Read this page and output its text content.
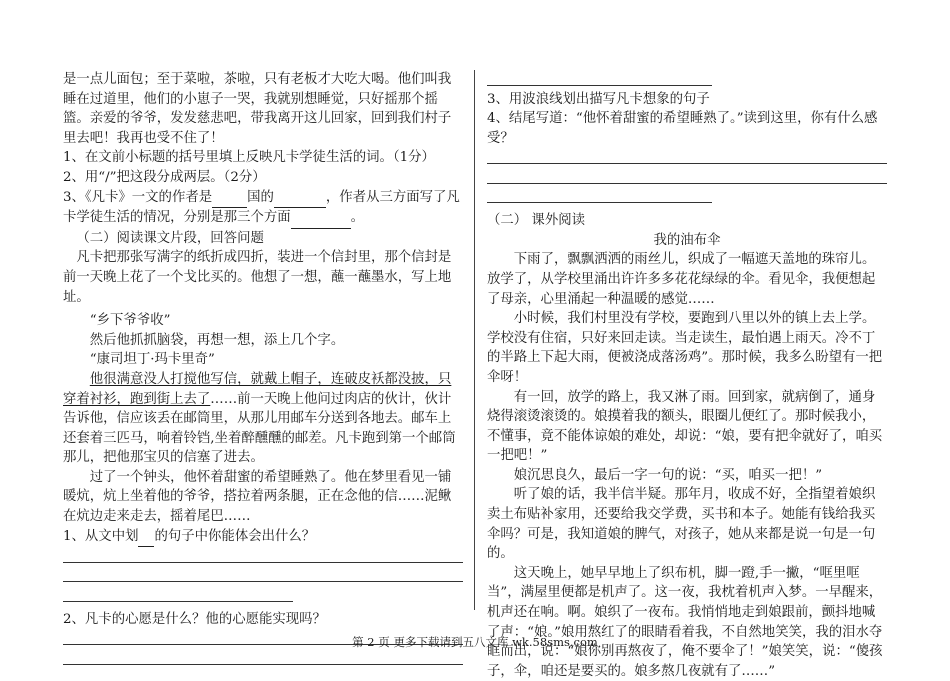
是一点儿面包；至于菜啦，茶啦，只有老板才大吃大喝。他们叫我睡在过道里，他们的小崽子一哭，我就别想睡觉，只好摇那个摇篮。亲爱的爷爷，发发慈悲吧，带我离开这儿回家，回到我们村子里去吧！我再也受不住了！

1、在文前小标题的括号里填上反映凡卡学徒生活的词。（1分）

2、用“/”把这段分成两层。（2分）

3、《凡卡》一文的作者是	国的	，作者从三方面写了凡卡学徒生活的情况，分别是那三个方面	。

（二）阅读课文片段，回答问题

凡卡把那张写满字的纸折成四折，装进一个信封里，那个信封是前一天晚上花了一个戈比买的。他想了一想，蘸一蘸墨水，写上地址。

“乡下爷爷收”

然后他抓抓脑袋，再想一想，添上几个字。

“康司坦丁·玛卡里奇”

他很满意没人打搅他写信，就戴上帽子，连破皮袄都没披，只穿着衬衫，跑到街上去了……前一天晚上他问过肉店的伙计，伙计告诉他，信应该丢在邮筒里，从那儿用邮车分送到各地去。邮车上还套着三匹马，响着铃铛,坐着醉醺醺的邮差。凡卡跑到第一个邮筒那儿，把他那宝贝的信塞了进去。

过了一个钟头，他怀着甜蜜的希望睡熟了。他在梦里看见一铺暖炕，炕上坐着他的爷爷，搭拉着两条腿，正在念他的信……泥鳅在炕边走来走去，摇着尾巴……

1、从文中划 的句子中你能体会出什么？

2、凡卡的心愿是什么？他的心愿能实现吗？

3、用波浪线划出描写凡卡想象的句子

4、结尾写道：“他怀着甜蜜的希望睡熟了。”读到这里，你有什么感受？

（二） 课外阅读

我的油布伞

下雨了，飘飘洒洒的雨丝儿，织成了一幅遮天盖地的珠帘儿。放学了，从学校里涌出许许多多花花绿绿的伞。看见伞，我便想起了母亲，心里涌起一种温暖的感觉……

小时候，我们村里没有学校，要跑到八里以外的镇上去上学。学校没有住宿，只好来回走读。当走读生，最怕遇上雨天。冷不丁的半路上下起大雨，便被浇成落汤鸡”。那时候，我多么盼望有一把伞呀！

有一回，放学的路上，我又淋了雨。回到家，就病倒了，通身烧得滚烫滚烫的。娘摸着我的额头，眼圈儿便红了。那时候我小，不懂事，竟不能体谅娘的难处，却说：“娘，要有把伞就好了，咱买一把吧！”

娘沉思良久，最后一字一句的说：“买，咱买一把！”

听了娘的话，我半信半疑。那年月，收成不好，全指望着娘织卖土布贴补家用，还要给我交学费，买书和本子。她能有钱给我买伞吗？可是，我知道娘的脾气，对孩子，她从来都是说一句是一句的。

这天晚上，她早早地上了织布机，脚一蹬,手一撇，“哐里哐当”，满屋里便都是机声了。这一夜，我枕着机声入梦。一早醒来，机声还在响。啊。娘织了一夜布。我悄悄地走到娘跟前，颤抖地喊了声：“娘。”娘用熬红了的眼睛看着我，不自然地笑笑，我的泪水夺眶而出，说：“娘你别再熬夜了，俺不要伞了！”娘笑笑，说：“傻孩子，伞，咱还是要买的。娘多熬几夜就有了……”

第 2 页 更多下载请到五八文库 wk.58sms.com
